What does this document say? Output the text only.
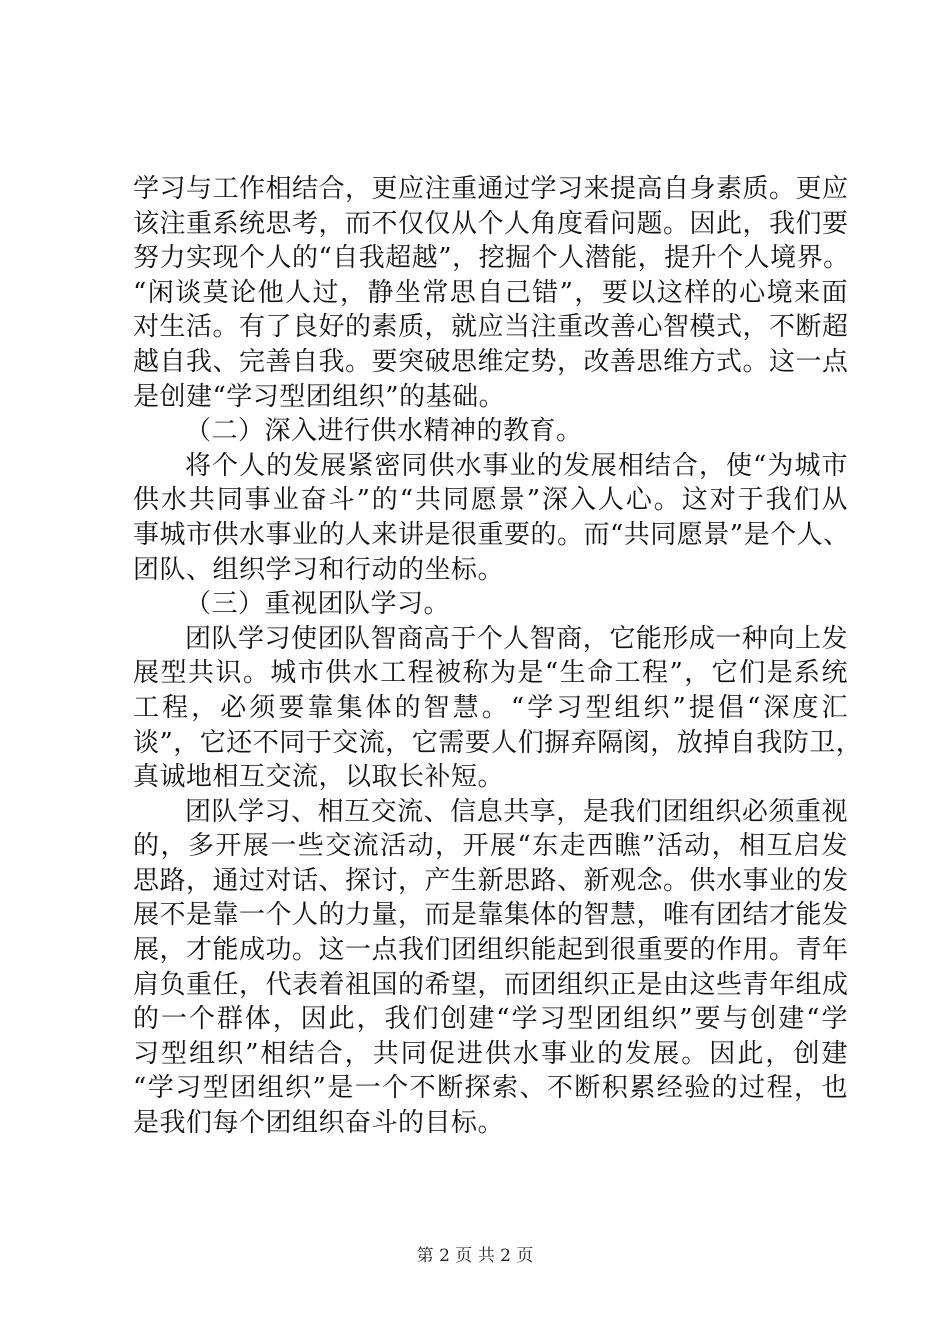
学习与工作相结合，更应注重通过学习来提高自身素质。更应
该注重系统思考，而不仅仅从个人角度看问题。因此，我们要
努力实现个人的“自我超越”，挖掘个人潜能，提升个人境界。
“闲谈莫论他人过，静坐常思自己错”，要以这样的心境来面
对生活。有了良好的素质，就应当注重改善心智模式，不断超
越自我、完善自我。要突破思维定势，改善思维方式。这一点
是创建“学习型团组织”的基础。
（二）深入进行供水精神的教育。
将个人的发展紧密同供水事业的发展相结合，使“为城市
供水共同事业奋斗”的“共同愿景”深入人心。这对于我们从
事城市供水事业的人来讲是很重要的。而“共同愿景”是个人、
团队、组织学习和行动的坐标。
（三）重视团队学习。
团队学习使团队智商高于个人智商，它能形成一种向上发
展型共识。城市供水工程被称为是“生命工程”，它们是系统
工程，必须要靠集体的智慧。“学习型组织”提倡“深度汇
谈”，它还不同于交流，它需要人们摒弃隔阂，放掉自我防卫，
真诚地相互交流，以取长补短。
团队学习、相互交流、信息共享，是我们团组织必须重视
的，多开展一些交流活动，开展“东走西瞧”活动，相互启发
思路，通过对话、探讨，产生新思路、新观念。供水事业的发
展不是靠一个人的力量，而是靠集体的智慧，唯有团结才能发
展，才能成功。这一点我们团组织能起到很重要的作用。青年
肩负重任，代表着祖国的希望，而团组织正是由这些青年组成
的一个群体，因此，我们创建“学习型团组织”要与创建“学
习型组织”相结合，共同促进供水事业的发展。因此，创建
“学习型团组织”是一个不断探索、不断积累经验的过程，也
是我们每个团组织奋斗的目标。
第 2 页 共 2 页
